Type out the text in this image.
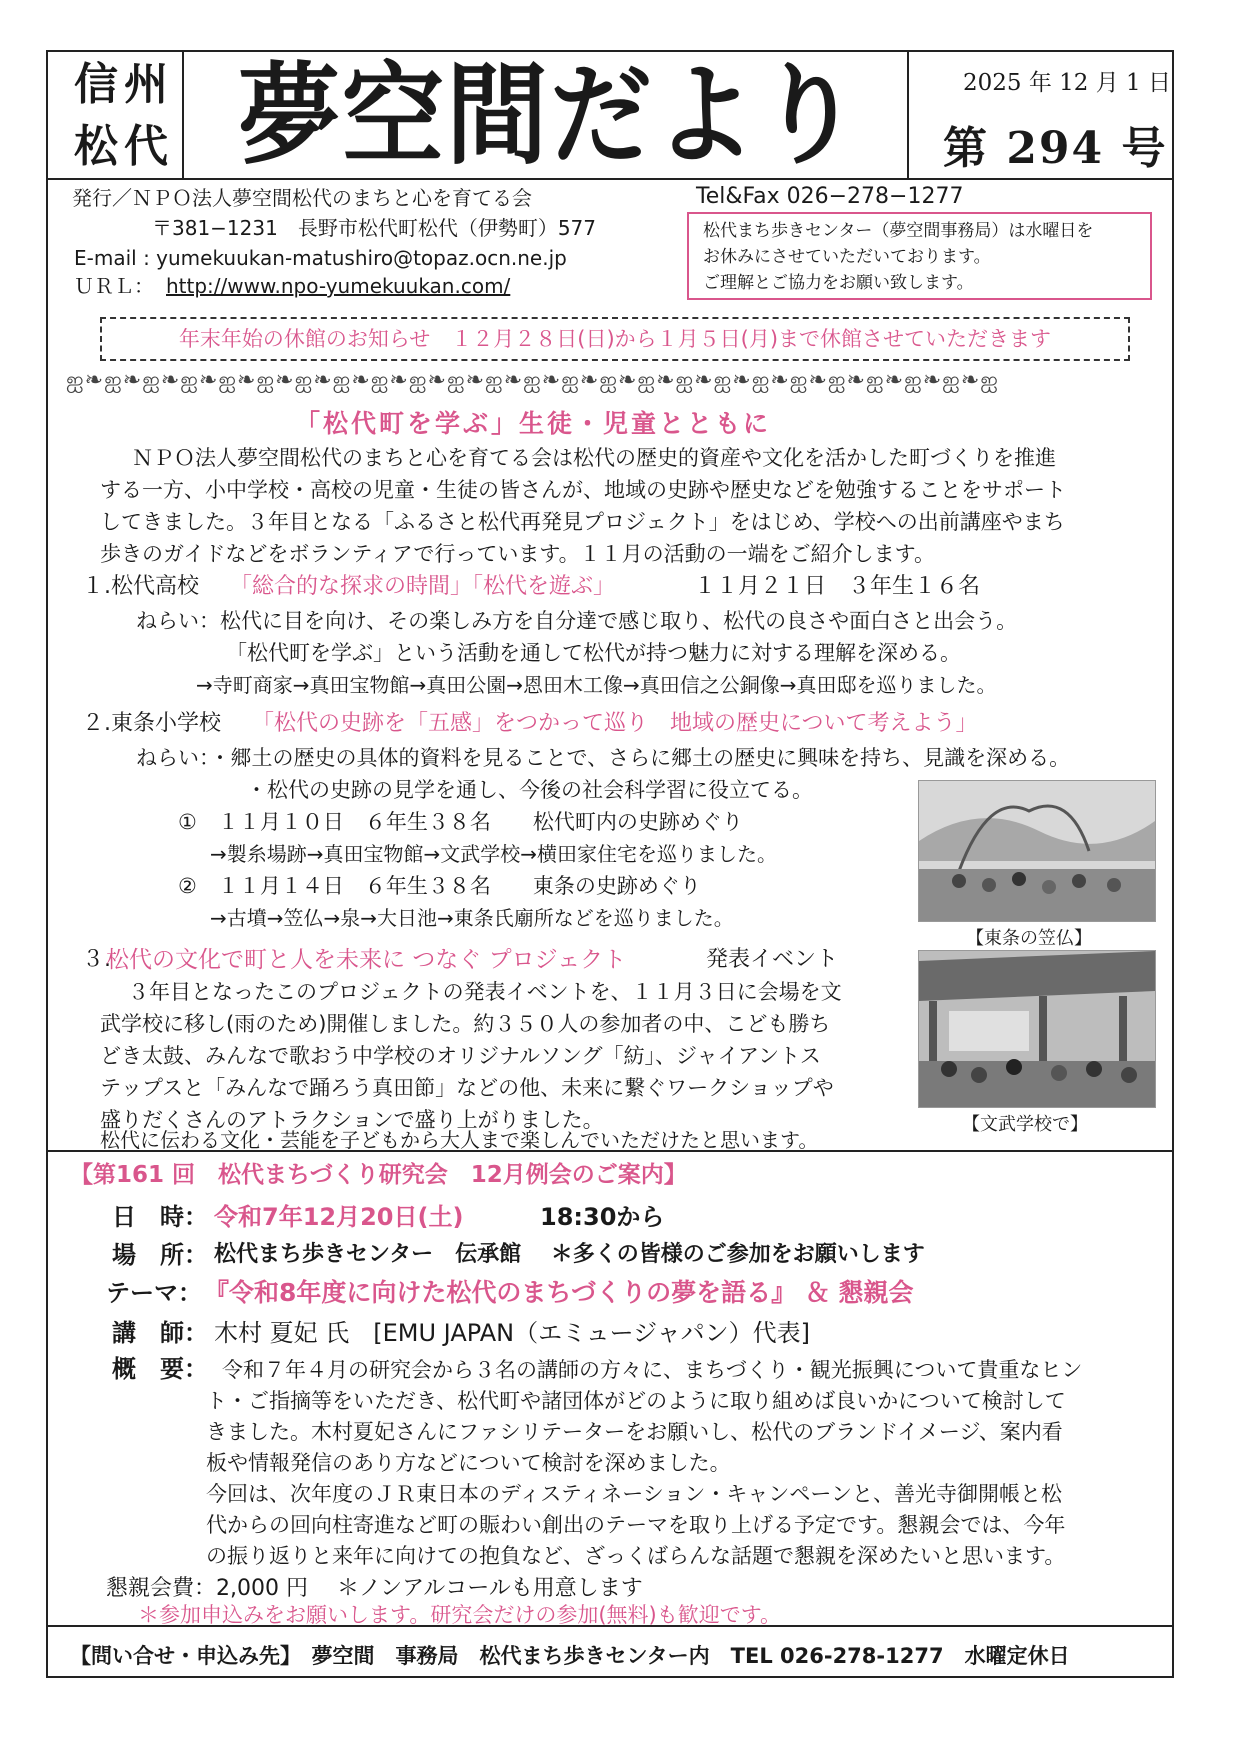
信州
松代 夢空間だより	2025 年 12 月 1 日
第 294 号
発行／ＮＰＯ法人夢空間松代のまちと心を育てる会
〒381−1231　長野市松代町松代（伊勢町）577
E-mail : yumekuukan-matushiro@topaz.ocn.ne.jp
ＵＲＬ： http://www.npo-yumekuukan.com/
Tel&Fax 026−278−1277
松代まち歩きセンター（夢空間事務局）は水曜日を
お休みにさせていただいております。
ご理解とご協力をお願い致します。
年末年始の休館のお知らせ　１２月２８日(日)から１月５日(月)まで休館させていただきます
ஐ❧ஐ❧ஐ❧ஐ❧ஐ❧ஐ❧ஐ❧ஐ❧ஐ❧ஐ❧ஐ❧ஐ❧ஐ❧ஐ❧ஐ❧ஐ❧ஐ❧ஐ❧ஐ❧ஐ❧ஐ❧ஐ❧ஐ❧ஐ❧ஐ
「松代町を学ぶ」生徒・児童とともに
ＮＰＯ法人夢空間松代のまちと心を育てる会は松代の歴史的資産や文化を活かした町づくりを推進
する一方、小中学校・高校の児童・生徒の皆さんが、地域の史跡や歴史などを勉強することをサポート
してきました。３年目となる「ふるさと松代再発見プロジェクト」をはじめ、学校への出前講座やまち
歩きのガイドなどをボランティアで行っています。１１月の活動の一端をご紹介します。
１.松代高校 「総合的な探求の時間」「松代を遊ぶ」	１１月２１日　３年生１６名
ねらい：松代に目を向け、その楽しみ方を自分達で感じ取り、松代の良さや面白さと出会う。
「松代町を学ぶ」という活動を通して松代が持つ魅力に対する理解を深める。
→寺町商家→真田宝物館→真田公園→恩田木工像→真田信之公銅像→真田邸を巡りました。
２.東条小学校 「松代の史跡を「五感」をつかって巡り　地域の歴史について考えよう」
ねらい：・郷土の歴史の具体的資料を見ることで、さらに郷土の歴史に興味を持ち、見識を深める。
・松代の史跡の見学を通し、今後の社会科学習に役立てる。
①　１１月１０日　６年生３８名　　松代町内の史跡めぐり
→製糸場跡→真田宝物館→文武学校→横田家住宅を巡りました。
②　１１月１４日　６年生３８名　　東条の史跡めぐり
→古墳→笠仏→泉→大日池→東条氏廟所などを巡りました。
【東条の笠仏】
３.
松代の文化で町と人を未来に つなぐ プロジェクト	発表イベント
３年目となったこのプロジェクトの発表イベントを、１１月３日に会場を文
武学校に移し(雨のため)開催しました。約３５０人の参加者の中、こども勝ち
どき太鼓、みんなで歌おう中学校のオリジナルソング「紡」、ジャイアントス
テップスと「みんなで踊ろう真田節」などの他、未来に繋ぐワークショップや
盛りだくさんのアトラクションで盛り上がりました。
松代に伝わる文化・芸能を子どもから大人まで楽しんでいただけたと思います。
【文武学校で】
【第161 回　松代まちづくり研究会　12月例会のご案内】
日　時： 令和7年12月20日(土)	18:30から
場　所： 松代まち歩きセンター　伝承館　 ＊多くの皆様のご参加をお願いします
テーマ： 『令和8年度に向けた松代のまちづくりの夢を語る』 ＆ 懇親会
講　師： 木村 夏妃 氏　[EMU JAPAN（エミュージャパン）代表]
概　要： 令和７年４月の研究会から３名の講師の方々に、まちづくり・観光振興について貴重なヒン
ト・ご指摘等をいただき、松代町や諸団体がどのように取り組めば良いかについて検討して
きました。木村夏妃さんにファシリテーターをお願いし、松代のブランドイメージ、案内看
板や情報発信のあり方などについて検討を深めました。
今回は、次年度のＪＲ東日本のディスティネーション・キャンペーンと、善光寺御開帳と松
代からの回向柱寄進など町の賑わい創出のテーマを取り上げる予定です。懇親会では、今年
の振り返りと来年に向けての抱負など、ざっくばらんな話題で懇親を深めたいと思います。
懇親会費：2,000 円　 ＊ノンアルコールも用意します
＊参加申込みをお願いします。研究会だけの参加(無料)も歓迎です。
【問い合せ・申込み先】　夢空間　事務局　松代まち歩きセンター内　TEL 026-278-1277　水曜定休日
